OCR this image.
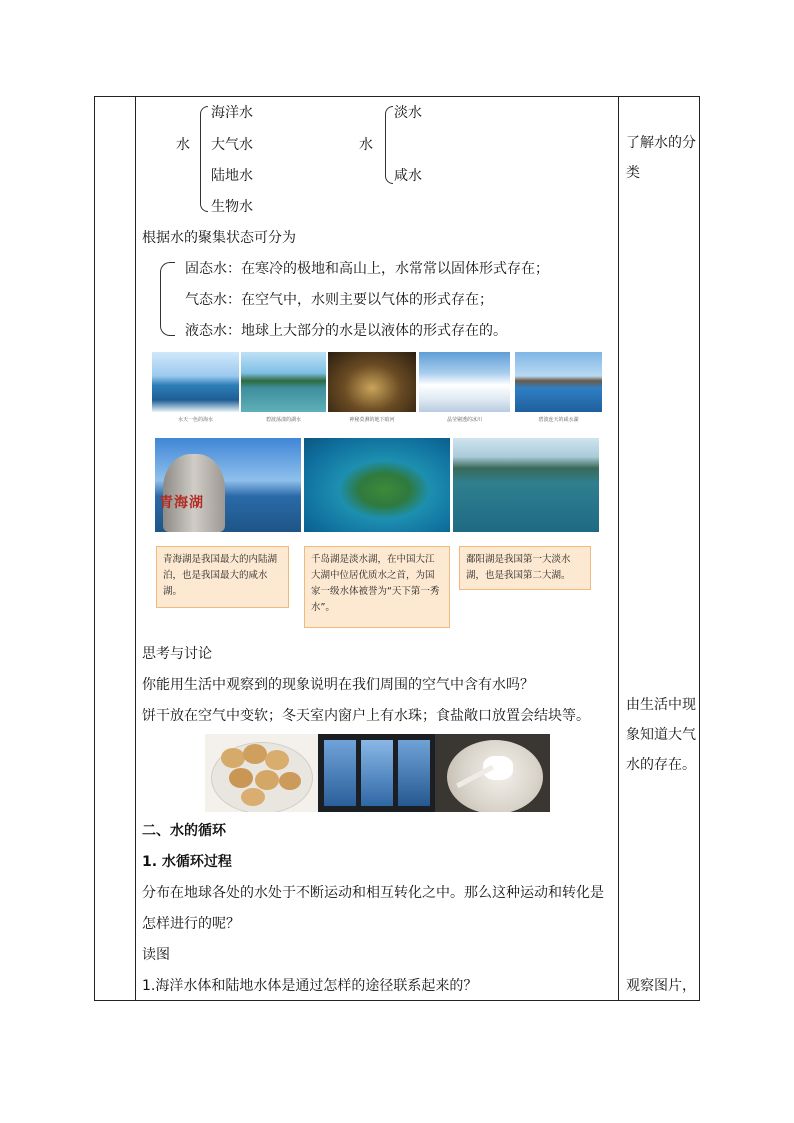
水
海洋水
大气水
陆地水
生物水
水
淡水
咸水
了解水的分类
根据水的聚集状态可分为
固态水：在寒冷的极地和高山上，水常常以固体形式存在；
气态水：在空气中，水则主要以气体的形式存在；
液态水：地球上大部分的水是以液体的形式存在的。
水天一色的海水	碧波荡漾的湖水	神秘莫测的地下暗河	晶莹剔透的冰川	碧波连天的咸水湖
青海湖
青海湖是我国最大的内陆湖泊，也是我国最大的咸水湖。
千岛湖是淡水湖，在中国大江大湖中位居优质水之首，为国家一级水体被誉为“天下第一秀水”。
鄱阳湖是我国第一大淡水湖，也是我国第二大湖。
思考与讨论
你能用生活中观察到的现象说明在我们周围的空气中含有水吗？
饼干放在空气中变软；冬天室内窗户上有水珠；食盐敞口放置会结块等。
由生活中现象知道大气水的存在。
二、水的循环
1. 水循环过程
分布在地球各处的水处于不断运动和相互转化之中。那么这种运动和转化是
怎样进行的呢？
读图
1.海洋水体和陆地水体是通过怎样的途径联系起来的？	观察图片，
